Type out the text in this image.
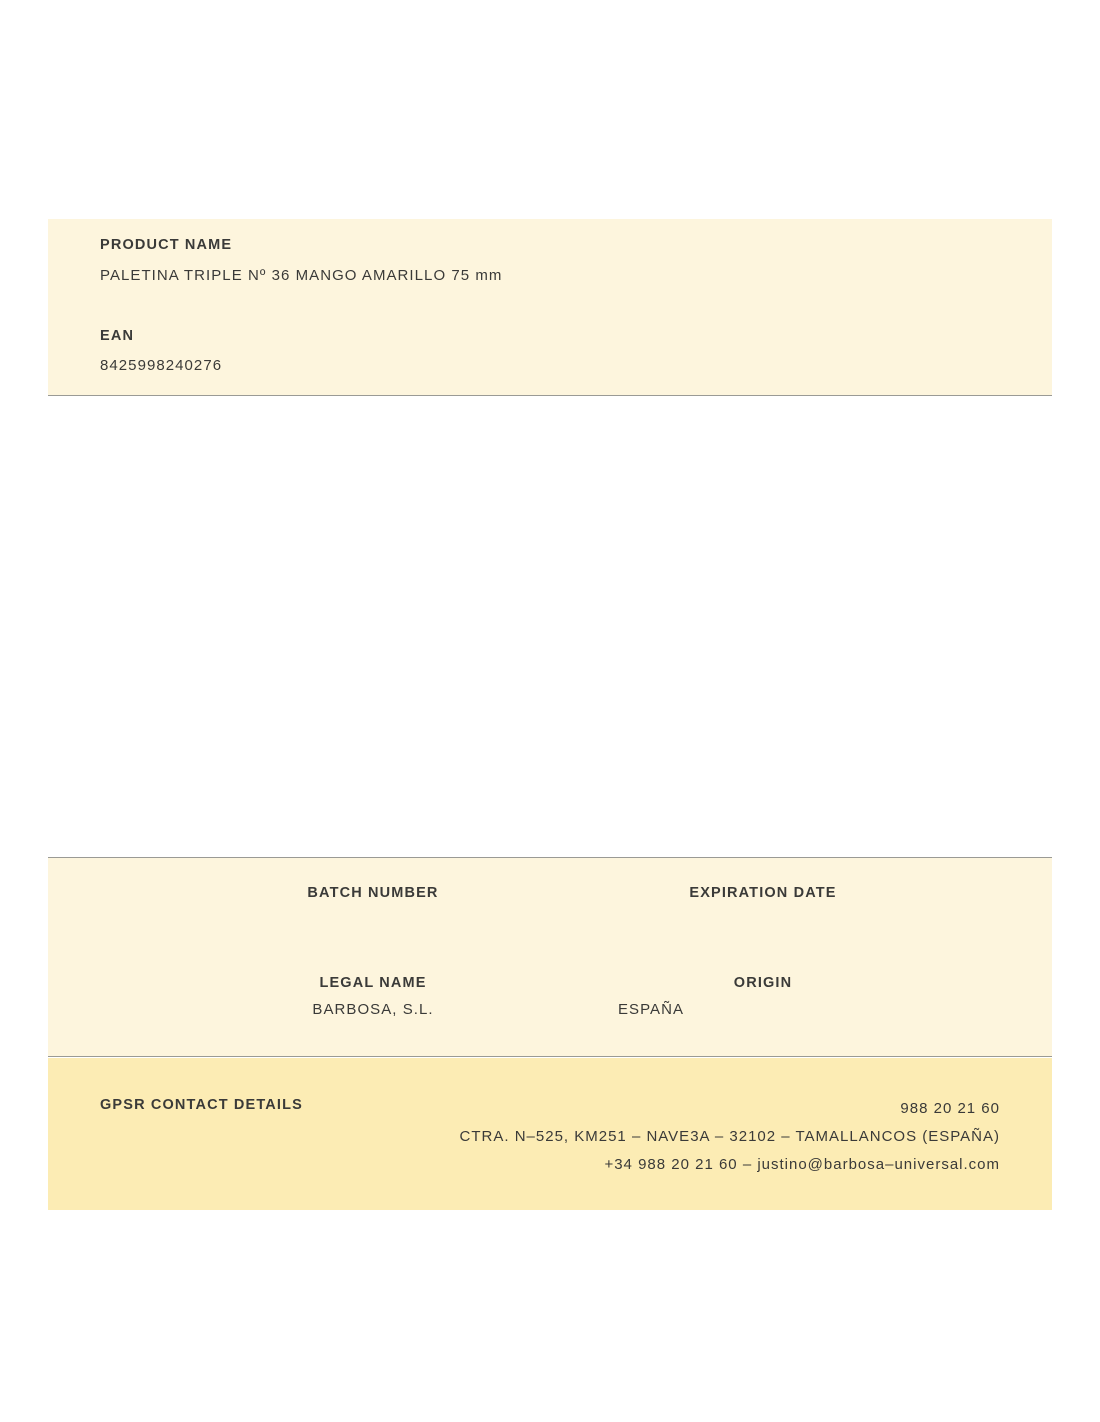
PRODUCT NAME
PALETINA TRIPLE Nº 36 MANGO AMARILLO 75 mm
EAN
8425998240276
BATCH NUMBER	EXPIRATION DATE
LEGAL NAME
BARBOSA, S.L.
ORIGIN
ESPAÑA
GPSR CONTACT DETAILS	988 20 21 60
CTRA. N–525, KM251 – NAVE3A – 32102 – TAMALLANCOS (ESPAÑA)
+34 988 20 21 60 – justino@barbosa–universal.com
